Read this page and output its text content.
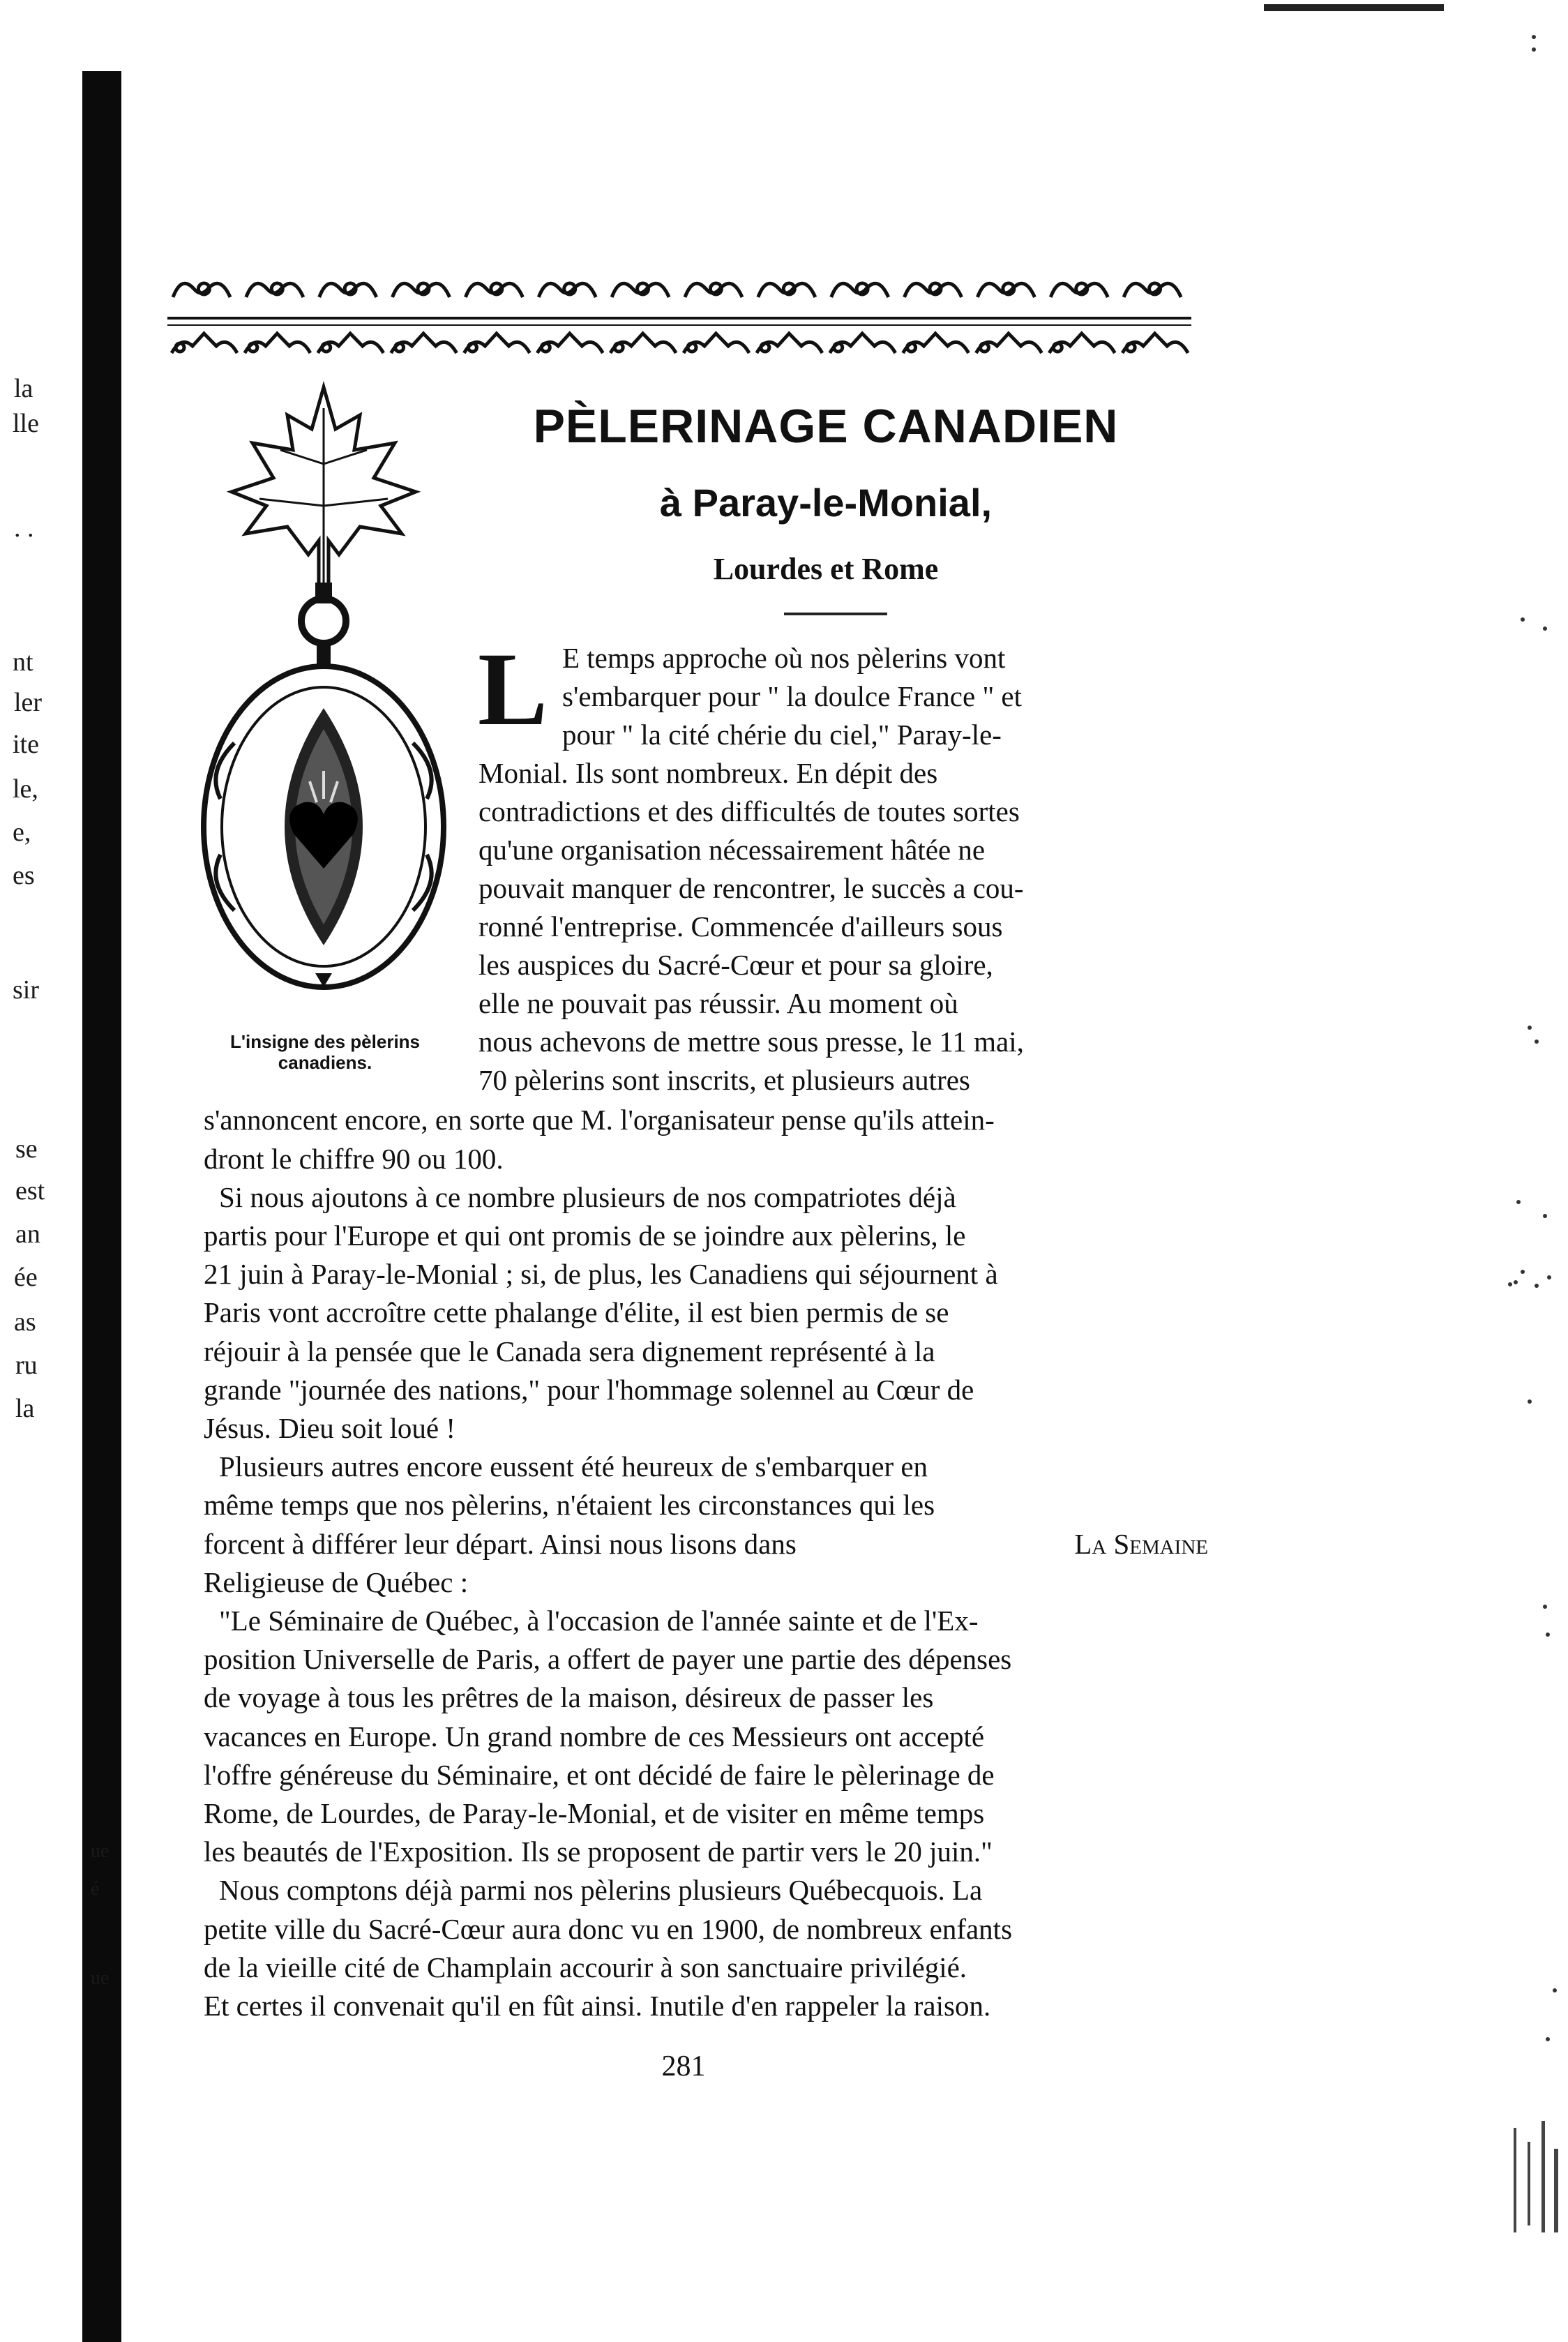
la
lle
. .
nt
ler
ite
le,
e,
es
sir
se
est
an
ée
as
ru
la
L'insigne des pèlerins
canadiens.
PÈLERINAGE CANADIEN
à Paray-le-Monial,
Lourdes et Rome
L E temps approche où nos pèlerins vont
s'embarquer pour " la doulce France " et
pour " la cité chérie du ciel," Paray-le-
Monial. Ils sont nombreux. En dépit des
contradictions et des difficultés de toutes sortes
qu'une organisation nécessairement hâtée ne
pouvait manquer de rencontrer, le succès a cou-
ronné l'entreprise. Commencée d'ailleurs sous
les auspices du Sacré-Cœur et pour sa gloire,
elle ne pouvait pas réussir. Au moment où
nous achevons de mettre sous presse, le 11 mai,
70 pèlerins sont inscrits, et plusieurs autres
s'annoncent encore, en sorte que M. l'organisateur pense qu'ils attein-
dront le chiffre 90 ou 100.
Si nous ajoutons à ce nombre plusieurs de nos compatriotes déjà
partis pour l'Europe et qui ont promis de se joindre aux pèlerins, le
21 juin à Paray-le-Monial ; si, de plus, les Canadiens qui séjournent à
Paris vont accroître cette phalange d'élite, il est bien permis de se
réjouir à la pensée que le Canada sera dignement représenté à la
grande "journée des nations," pour l'hommage solennel au Cœur de
Jésus. Dieu soit loué !
Plusieurs autres encore eussent été heureux de s'embarquer en
même temps que nos pèlerins, n'étaient les circonstances qui les
forcent à différer leur départ. Ainsi nous lisons dans	La Semaine
Religieuse de Québec :
"Le Séminaire de Québec, à l'occasion de l'année sainte et de l'Ex-
position Universelle de Paris, a offert de payer une partie des dépenses
de voyage à tous les prêtres de la maison, désireux de passer les
vacances en Europe. Un grand nombre de ces Messieurs ont accepté
l'offre généreuse du Séminaire, et ont décidé de faire le pèlerinage de
Rome, de Lourdes, de Paray-le-Monial, et de visiter en même temps
les beautés de l'Exposition. Ils se proposent de partir vers le 20 juin."
Nous comptons déjà parmi nos pèlerins plusieurs Québecquois. La
petite ville du Sacré-Cœur aura donc vu en 1900, de nombreux enfants
de la vieille cité de Champlain accourir à son sanctuaire privilégié.
Et certes il convenait qu'il en fût ainsi. Inutile d'en rappeler la raison.
281
ue
é
ue
